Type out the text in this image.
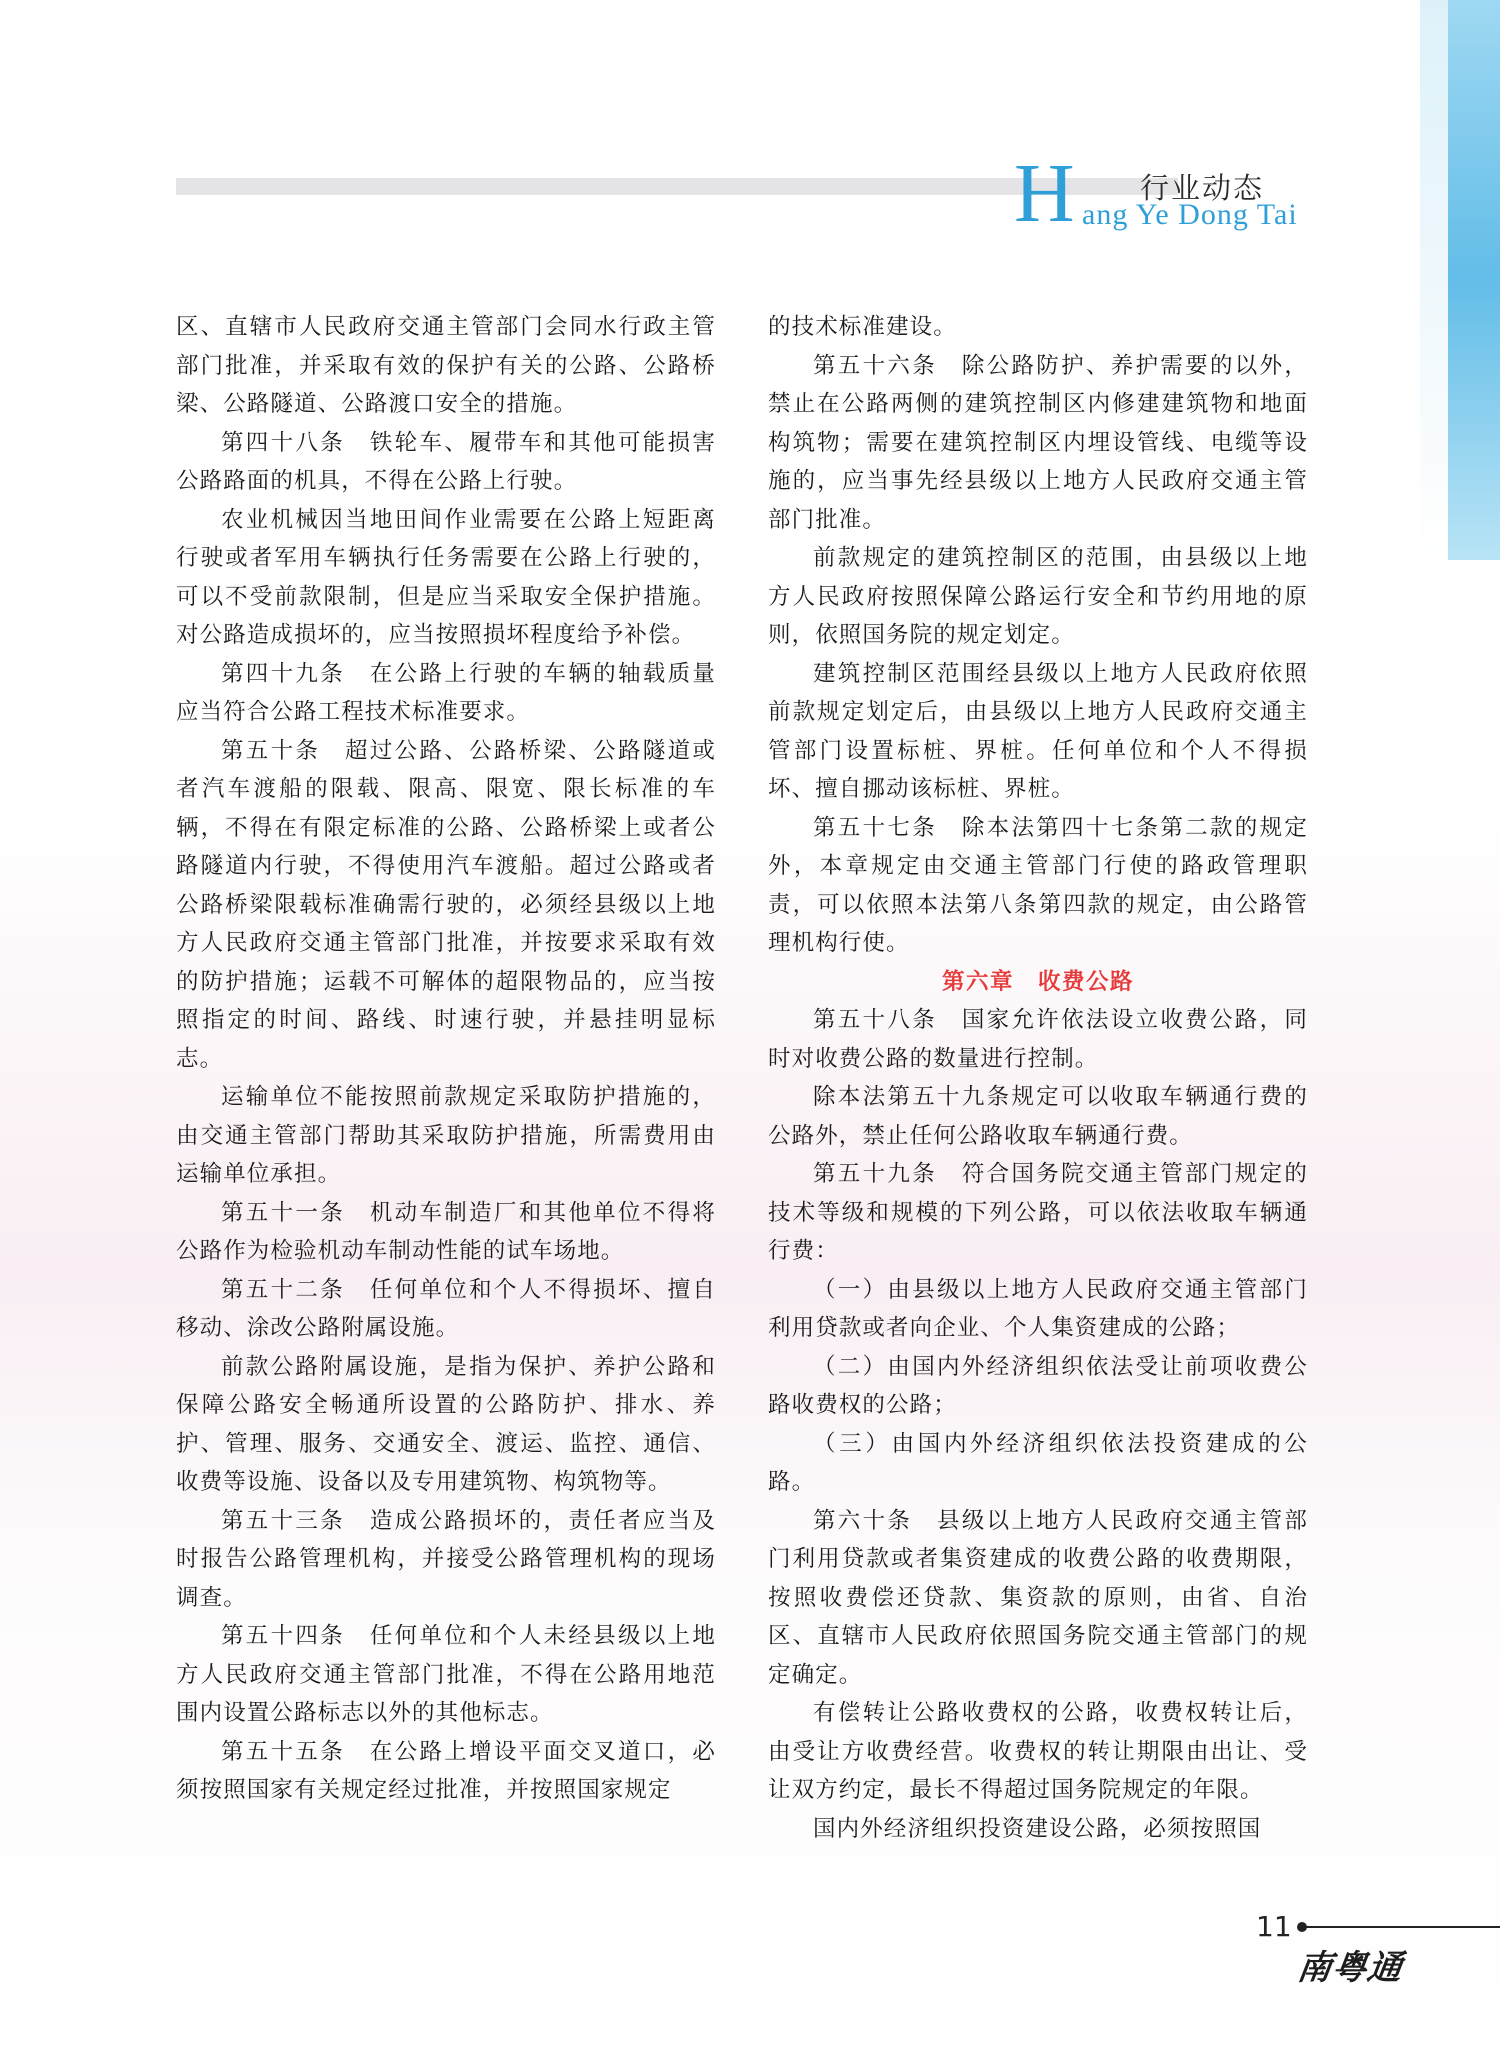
H 行业动态
ang Ye Dong Tai

区、直辖市人民政府交通主管部门会同水行政主管部门批准，并采取有效的保护有关的公路、公路桥梁、公路隧道、公路渡口安全的措施。

第四十八条　铁轮车、履带车和其他可能损害公路路面的机具，不得在公路上行驶。

农业机械因当地田间作业需要在公路上短距离行驶或者军用车辆执行任务需要在公路上行驶的，可以不受前款限制，但是应当采取安全保护措施。对公路造成损坏的，应当按照损坏程度给予补偿。

第四十九条　在公路上行驶的车辆的轴载质量应当符合公路工程技术标准要求。

第五十条　超过公路、公路桥梁、公路隧道或者汽车渡船的限载、限高、限宽、限长标准的车辆，不得在有限定标准的公路、公路桥梁上或者公路隧道内行驶，不得使用汽车渡船。超过公路或者公路桥梁限载标准确需行驶的，必须经县级以上地方人民政府交通主管部门批准，并按要求采取有效的防护措施；运载不可解体的超限物品的，应当按照指定的时间、路线、时速行驶，并悬挂明显标志。

运输单位不能按照前款规定采取防护措施的，由交通主管部门帮助其采取防护措施，所需费用由运输单位承担。

第五十一条　机动车制造厂和其他单位不得将公路作为检验机动车制动性能的试车场地。

第五十二条　任何单位和个人不得损坏、擅自移动、涂改公路附属设施。

前款公路附属设施，是指为保护、养护公路和保障公路安全畅通所设置的公路防护、排水、养护、管理、服务、交通安全、渡运、监控、通信、收费等设施、设备以及专用建筑物、构筑物等。

第五十三条　造成公路损坏的，责任者应当及时报告公路管理机构，并接受公路管理机构的现场调查。

第五十四条　任何单位和个人未经县级以上地方人民政府交通主管部门批准，不得在公路用地范围内设置公路标志以外的其他标志。

第五十五条　在公路上增设平面交叉道口，必须按照国家有关规定经过批准，并按照国家规定

的技术标准建设。

第五十六条　除公路防护、养护需要的以外，禁止在公路两侧的建筑控制区内修建建筑物和地面构筑物；需要在建筑控制区内埋设管线、电缆等设施的，应当事先经县级以上地方人民政府交通主管部门批准。

前款规定的建筑控制区的范围，由县级以上地方人民政府按照保障公路运行安全和节约用地的原则，依照国务院的规定划定。

建筑控制区范围经县级以上地方人民政府依照前款规定划定后，由县级以上地方人民政府交通主管部门设置标桩、界桩。任何单位和个人不得损坏、擅自挪动该标桩、界桩。

第五十七条　除本法第四十七条第二款的规定外，本章规定由交通主管部门行使的路政管理职责，可以依照本法第八条第四款的规定，由公路管理机构行使。

第六章　收费公路

第五十八条　国家允许依法设立收费公路，同时对收费公路的数量进行控制。

除本法第五十九条规定可以收取车辆通行费的公路外，禁止任何公路收取车辆通行费。

第五十九条　符合国务院交通主管部门规定的技术等级和规模的下列公路，可以依法收取车辆通行费：

（一）由县级以上地方人民政府交通主管部门利用贷款或者向企业、个人集资建成的公路；

（二）由国内外经济组织依法受让前项收费公路收费权的公路；

（三）由国内外经济组织依法投资建成的公路。

第六十条　县级以上地方人民政府交通主管部门利用贷款或者集资建成的收费公路的收费期限，按照收费偿还贷款、集资款的原则，由省、自治区、直辖市人民政府依照国务院交通主管部门的规定确定。

有偿转让公路收费权的公路，收费权转让后，由受让方收费经营。收费权的转让期限由出让、受让双方约定，最长不得超过国务院规定的年限。

国内外经济组织投资建设公路，必须按照国

11
南粤通
